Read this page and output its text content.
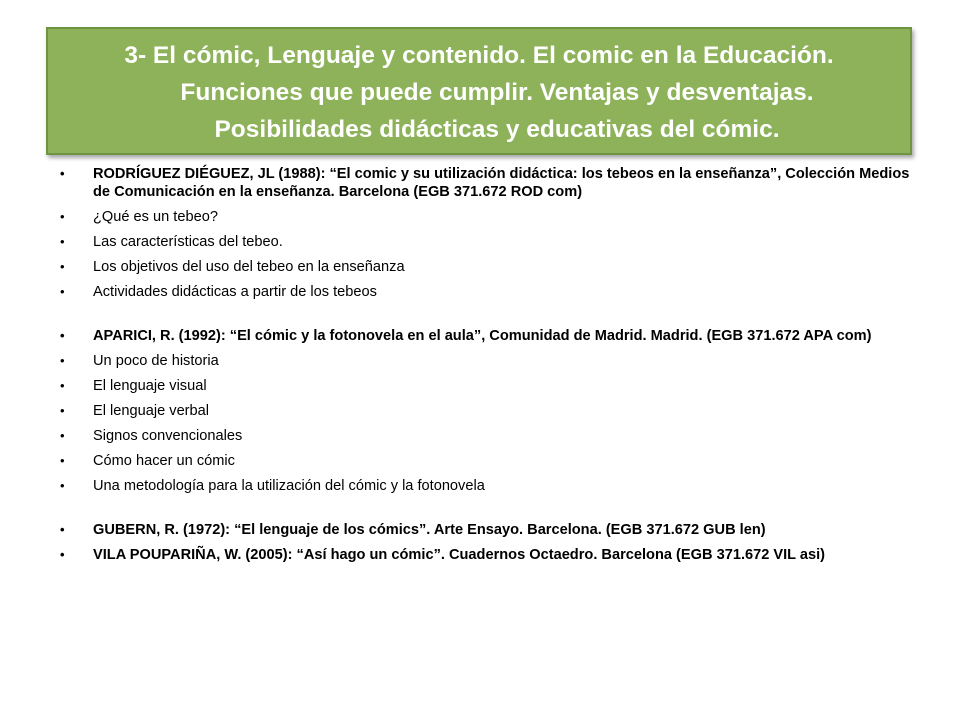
3- El cómic, Lenguaje y contenido. El comic en la Educación.
Funciones que puede cumplir. Ventajas y desventajas.
Posibilidades didácticas y educativas del cómic.
• RODRÍGUEZ DIÉGUEZ, JL (1988): “El comic y su utilización didáctica: los tebeos en la enseñanza”, Colección Medios de Comunicación en la enseñanza. Barcelona (EGB 371.672 ROD com)
• ¿Qué es un tebeo?
• Las características del tebeo.
• Los objetivos del uso del tebeo en la enseñanza
• Actividades didácticas a partir de los tebeos
• APARICI, R. (1992): “El cómic y la fotonovela en el aula”, Comunidad de Madrid. Madrid. (EGB 371.672 APA com)
• Un poco de historia
• El lenguaje visual
• El lenguaje verbal
• Signos convencionales
• Cómo hacer un cómic
• Una metodología para la utilización del cómic y la fotonovela
• GUBERN, R. (1972): “El lenguaje de los cómics”. Arte Ensayo. Barcelona. (EGB 371.672 GUB len)
• VILA POUPARIÑA, W. (2005): “Así hago un cómic”. Cuadernos Octaedro. Barcelona (EGB 371.672 VIL asi)
